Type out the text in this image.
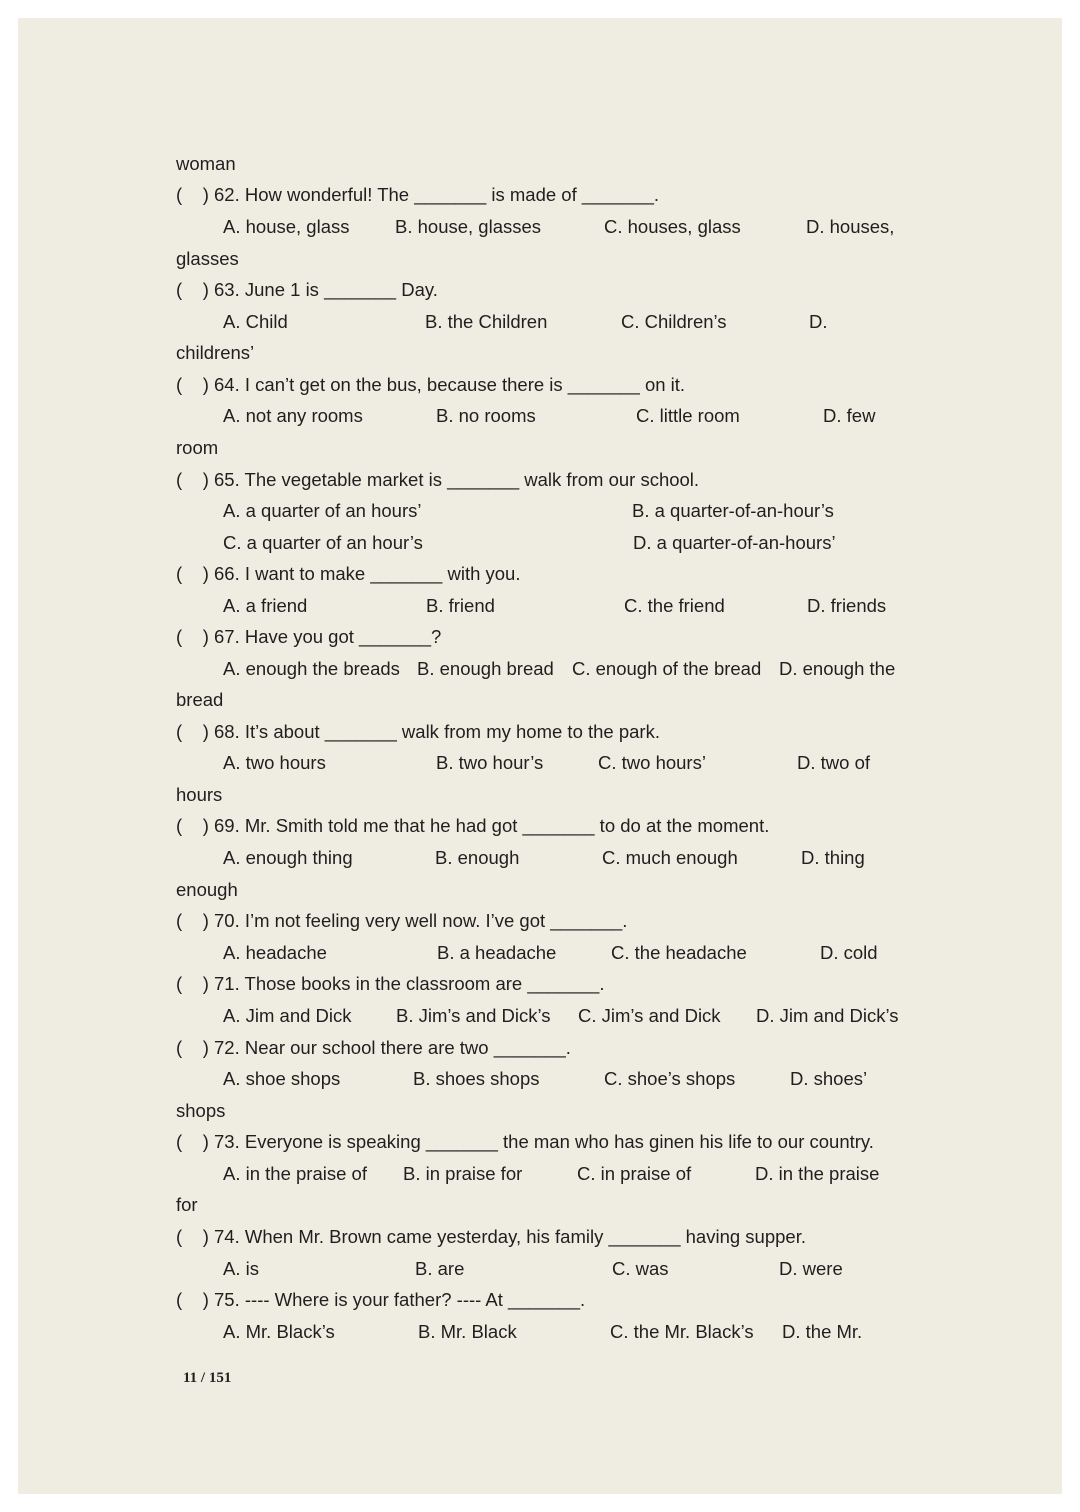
woman
(    ) 62. How wonderful! The _______ is made of _______.
A. house, glass B. house, glasses	C. houses, glass	D. houses,
glasses
(    ) 63. June 1 is _______ Day.
A. Child	B. the Children	C. Children’s	D.
childrens’
(    ) 64. I can’t get on the bus, because there is _______ on it.
A. not any rooms	B. no rooms	C. little room	D. few
room
(    ) 65. The vegetable market is _______ walk from our school.
A. a quarter of an hours’	B. a quarter-of-an-hour’s
C. a quarter of an hour’s	D. a quarter-of-an-hours’
(    ) 66. I want to make _______ with you.
A. a friend	B. friend	C. the friend	D. friends
(    ) 67. Have you got _______?
A. enough the breads B. enough bread C. enough of the bread D. enough the
bread
(    ) 68. It’s about _______ walk from my home to the park.
A. two hours	B. two hour’s	C. two hours’	D. two of
hours
(    ) 69. Mr. Smith told me that he had got _______ to do at the moment.
A. enough thing	B. enough	C. much enough	D. thing
enough
(    ) 70. I’m not feeling very well now. I’ve got _______.
A. headache	B. a headache	C. the headache	D. cold
(    ) 71. Those books in the classroom are _______.
A. Jim and Dick B. Jim’s and Dick’s C. Jim’s and Dick D. Jim and Dick’s
(    ) 72. Near our school there are two _______.
A. shoe shops	B. shoes shops	C. shoe’s shops	D. shoes’
shops
(    ) 73. Everyone is speaking _______ the man who has ginen his life to our country.
A. in the praise of B. in praise for	C. in praise of	D. in the praise
for
(    ) 74. When Mr. Brown came yesterday, his family _______ having supper.
A. is	B. are	C. was	D. were
(    ) 75. ---- Where is your father? ---- At _______.
A. Mr. Black’s	B. Mr. Black	C. the Mr. Black’s D. the Mr.
11 / 151
